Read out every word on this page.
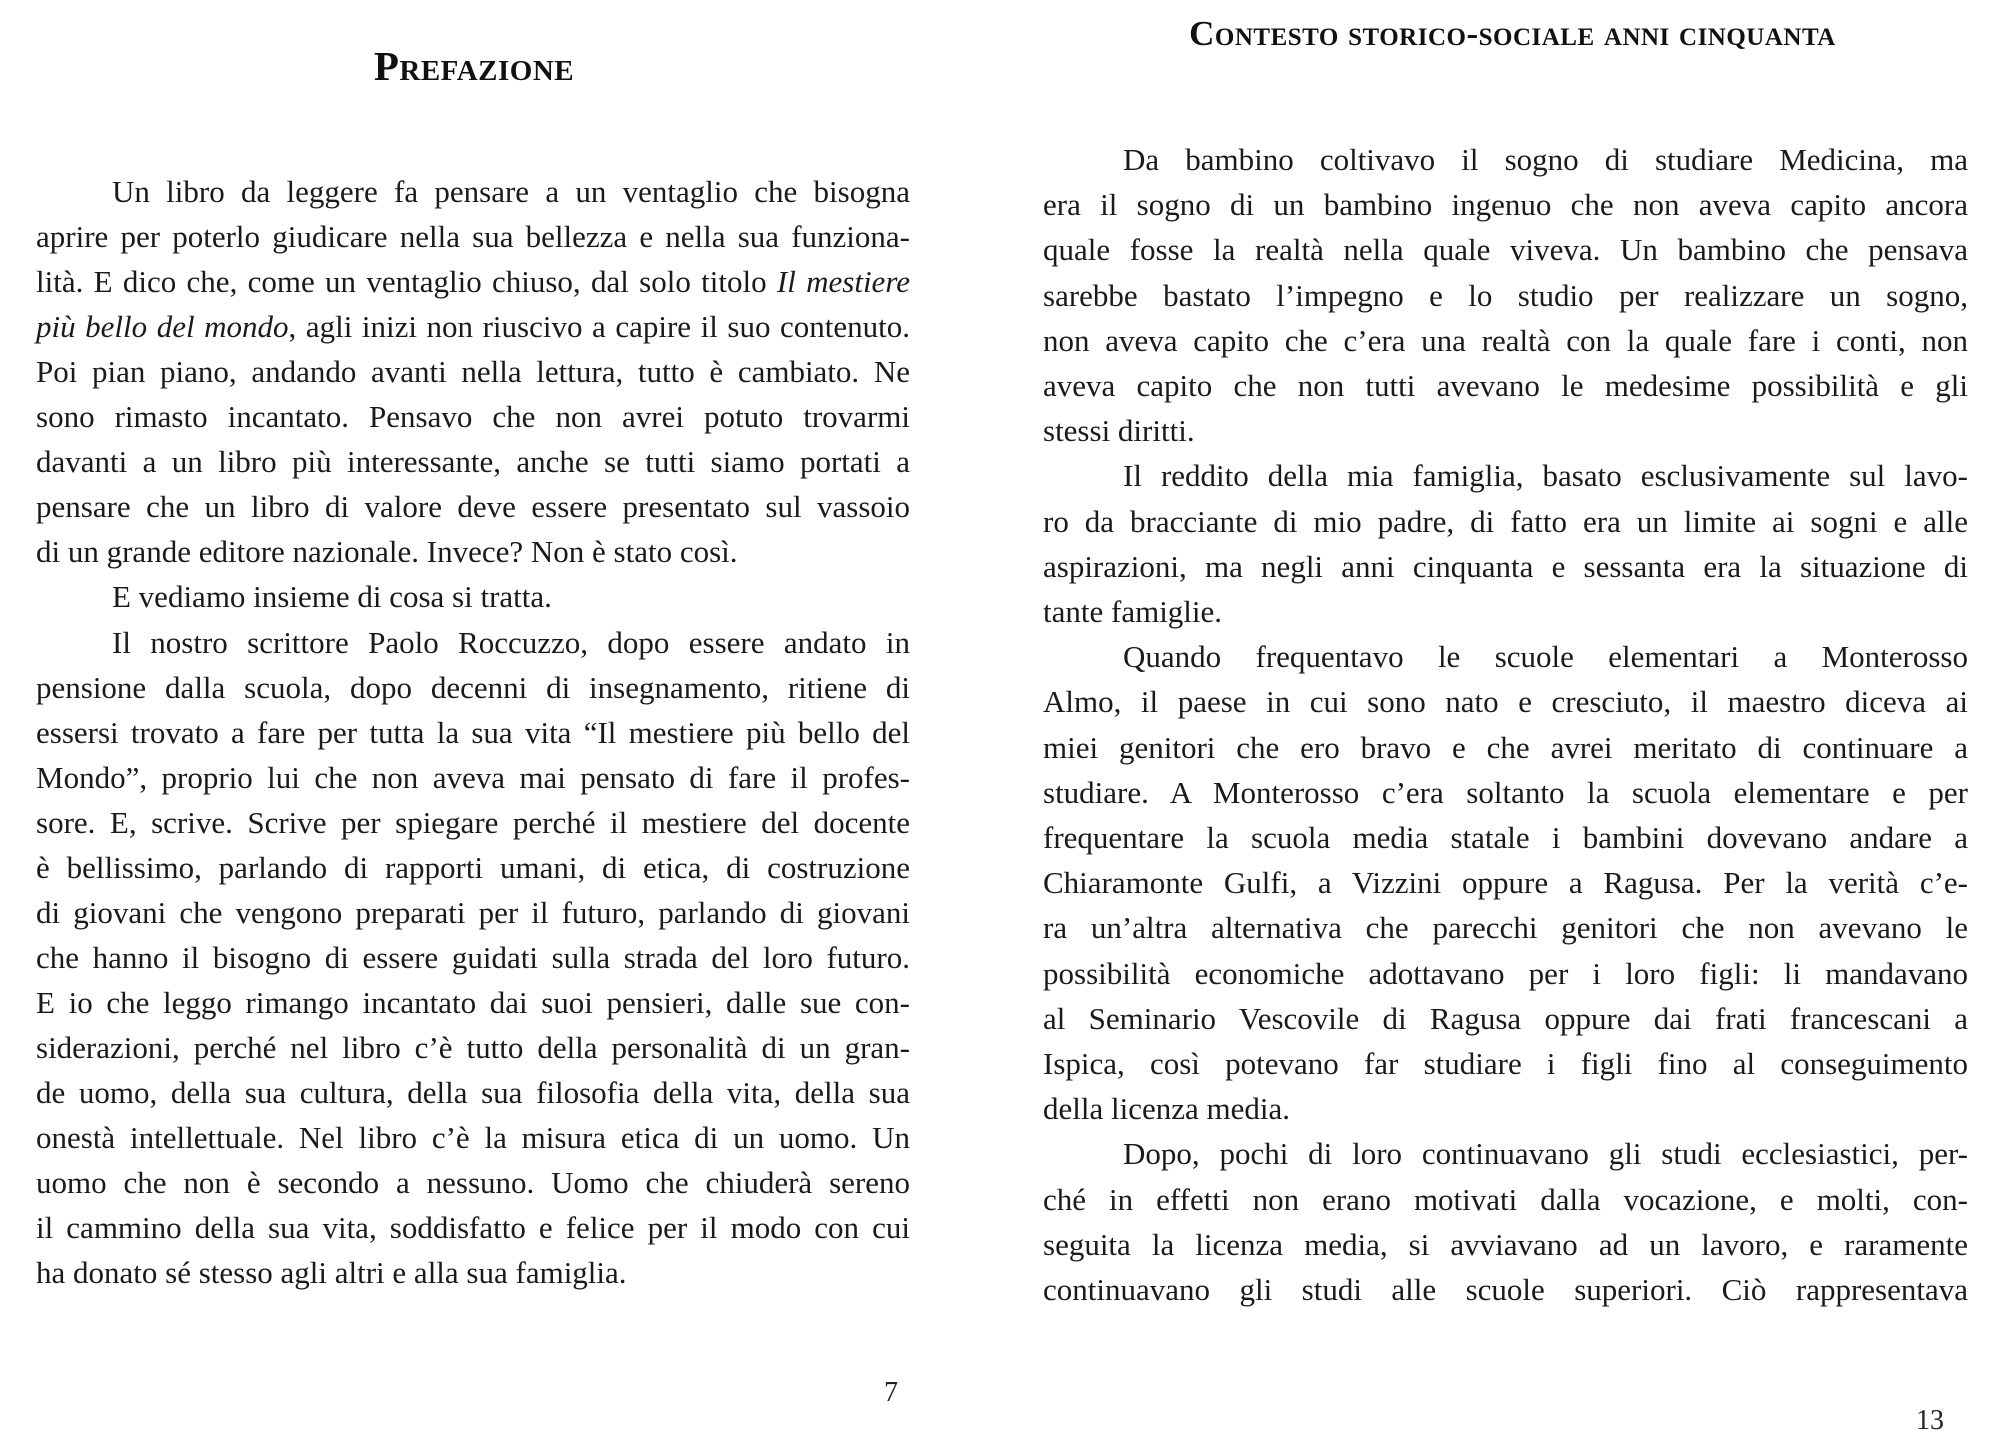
Prefazione
Un libro da leggere fa pensare a un ventaglio che bisogna
aprire per poterlo giudicare nella sua bellezza e nella sua funziona-
lità. E dico che, come un ventaglio chiuso, dal solo titolo Il mestiere
più bello del mondo, agli inizi non riuscivo a capire il suo contenuto.
Poi pian piano, andando avanti nella lettura, tutto è cambiato. Ne
sono rimasto incantato. Pensavo che non avrei potuto trovarmi
davanti a un libro più interessante, anche se tutti siamo portati a
pensare che un libro di valore deve essere presentato sul vassoio
di un grande editore nazionale. Invece? Non è stato così.
E vediamo insieme di cosa si tratta.
Il nostro scrittore Paolo Roccuzzo, dopo essere andato in
pensione dalla scuola, dopo decenni di insegnamento, ritiene di
essersi trovato a fare per tutta la sua vita “Il mestiere più bello del
Mondo”, proprio lui che non aveva mai pensato di fare il profes-
sore. E, scrive. Scrive per spiegare perché il mestiere del docente
è bellissimo, parlando di rapporti umani, di etica, di costruzione
di giovani che vengono preparati per il futuro, parlando di giovani
che hanno il bisogno di essere guidati sulla strada del loro futuro.
E io che leggo rimango incantato dai suoi pensieri, dalle sue con-
siderazioni, perché nel libro c’è tutto della personalità di un gran-
de uomo, della sua cultura, della sua filosofia della vita, della sua
onestà intellettuale. Nel libro c’è la misura etica di un uomo. Un
uomo che non è secondo a nessuno. Uomo che chiuderà sereno
il cammino della sua vita, soddisfatto e felice per il modo con cui
ha donato sé stesso agli altri e alla sua famiglia.
7
Contesto storico-sociale anni cinquanta
Da bambino coltivavo il sogno di studiare Medicina, ma
era il sogno di un bambino ingenuo che non aveva capito ancora
quale fosse la realtà nella quale viveva. Un bambino che pensava
sarebbe bastato l’impegno e lo studio per realizzare un sogno,
non aveva capito che c’era una realtà con la quale fare i conti, non
aveva capito che non tutti avevano le medesime possibilità e gli
stessi diritti.
Il reddito della mia famiglia, basato esclusivamente sul lavo-
ro da bracciante di mio padre, di fatto era un limite ai sogni e alle
aspirazioni, ma negli anni cinquanta e sessanta era la situazione di
tante famiglie.
Quando frequentavo le scuole elementari a Monterosso
Almo, il paese in cui sono nato e cresciuto, il maestro diceva ai
miei genitori che ero bravo e che avrei meritato di continuare a
studiare. A Monterosso c’era soltanto la scuola elementare e per
frequentare la scuola media statale i bambini dovevano andare a
Chiaramonte Gulfi, a Vizzini oppure a Ragusa. Per la verità c’e-
ra un’altra alternativa che parecchi genitori che non avevano le
possibilità economiche adottavano per i loro figli: li mandavano
al Seminario Vescovile di Ragusa oppure dai frati francescani a
Ispica, così potevano far studiare i figli fino al conseguimento
della licenza media.
Dopo, pochi di loro continuavano gli studi ecclesiastici, per-
ché in effetti non erano motivati dalla vocazione, e molti, con-
seguita la licenza media, si avviavano ad un lavoro, e raramente
continuavano gli studi alle scuole superiori. Ciò rappresentava
13
